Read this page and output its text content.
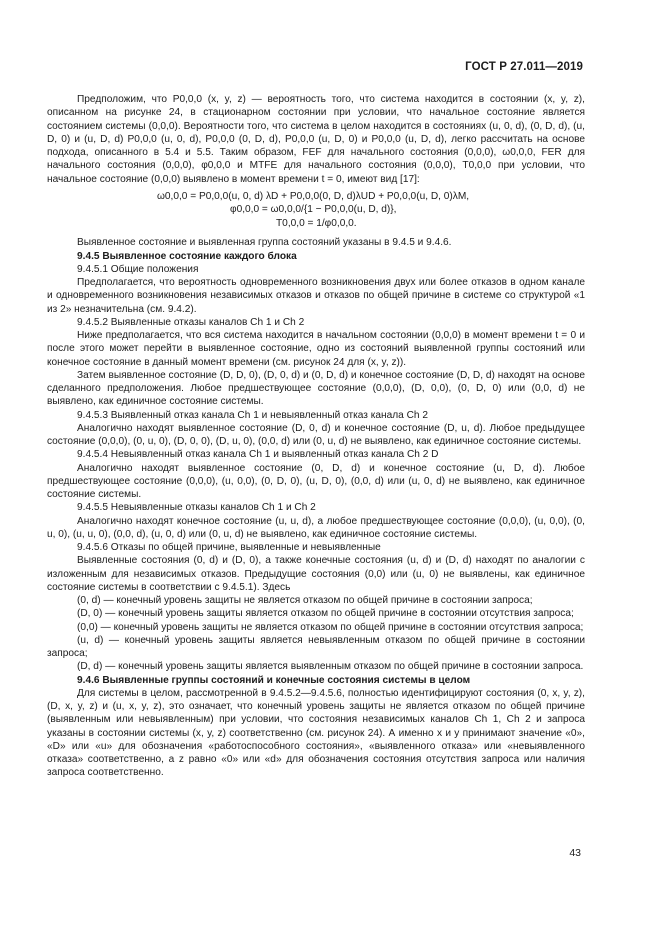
ГОСТ Р 27.011—2019

Предположим, что P0,0,0 (x, y, z) — вероятность того, что система находится в состоянии (x, y, z), описанном на рисунке 24, в стационарном состоянии при условии, что начальное состояние является состоянием системы (0,0,0). Вероятности того, что система в целом находится в состояниях (u, 0, d), (0, D, d), (u, D, 0) и (u, D, d) P0,0,0 (u, 0, d), P0,0,0 (0, D, d), P0,0,0 (u, D, 0) и P0,0,0 (u, D, d), легко рассчитать на основе подхода, описанного в 5.4 и 5.5. Таким образом, FEF для начального состояния (0,0,0), ω0,0,0, FER для начального состояния (0,0,0), φ0,0,0 и MTFE для начального состояния (0,0,0), T0,0,0 при условии, что начальное состояние (0,0,0) выявлено в момент времени t = 0, имеют вид [17]:

ω0,0,0 = P0,0,0(u, 0, d) λD + P0,0,0(0, D, d)λUD + P0,0,0(u, D, 0)λM,
φ0,0,0 = ω0,0,0/{1 − P0,0,0(u, D, d)},
T0,0,0 = 1/φ0,0,0.

Выявленное состояние и выявленная группа состояний указаны в 9.4.5 и 9.4.6.

9.4.5 Выявленное состояние каждого блока

9.4.5.1 Общие положения

Предполагается, что вероятность одновременного возникновения двух или более отказов в одном канале и одновременного возникновения независимых отказов и отказов по общей причине в системе со структурой «1 из 2» незначительна (см. 9.4.2).

9.4.5.2 Выявленные отказы каналов Ch 1 и Ch 2

Ниже предполагается, что вся система находится в начальном состоянии (0,0,0) в момент времени t = 0 и после этого может перейти в выявленное состояние, одно из состояний выявленной группы состояний или конечное состояние в данный момент времени (см. рисунок 24 для (x, y, z)).

Затем выявленное состояние (D, D, 0), (D, 0, d) и (0, D, d) и конечное состояние (D, D, d) находят на основе сделанного предположения. Любое предшествующее состояние (0,0,0), (D, 0,0), (0, D, 0) или (0,0, d) не выявлено, как единичное состояние системы.

9.4.5.3 Выявленный отказ канала Ch 1 и невыявленный отказ канала Ch 2

Аналогично находят выявленное состояние (D, 0, d) и конечное состояние (D, u, d). Любое предыдущее состояние (0,0,0), (0, u, 0), (D, 0, 0), (D, u, 0), (0,0, d) или (0, u, d) не выявлено, как единичное состояние системы.

9.4.5.4 Невыявленный отказ канала Ch 1 и выявленный отказ канала Ch 2 D

Аналогично находят выявленное состояние (0, D, d) и конечное состояние (u, D, d). Любое предшествующее состояние (0,0,0), (u, 0,0), (0, D, 0), (u, D, 0), (0,0, d) или (u, 0, d) не выявлено, как единичное состояние системы.

9.4.5.5 Невыявленные отказы каналов Ch 1 и Ch 2

Аналогично находят конечное состояние (u, u, d), а любое предшествующее состояние (0,0,0), (u, 0,0), (0, u, 0), (u, u, 0), (0,0, d), (u, 0, d) или (0, u, d) не выявлено, как единичное состояние системы.

9.4.5.6 Отказы по общей причине, выявленные и невыявленные

Выявленные состояния (0, d) и (D, 0), а также конечные состояния (u, d) и (D, d) находят по аналогии с изложенным для независимых отказов. Предыдущие состояния (0,0) или (u, 0) не выявлены, как единичное состояние системы в соответствии с 9.4.5.1). Здесь

(0, d) — конечный уровень защиты не является отказом по общей причине в состоянии запроса;

(D, 0) — конечный уровень защиты является отказом по общей причине в состоянии отсутствия запроса;

(0,0) — конечный уровень защиты не является отказом по общей причине в состоянии отсутствия запроса;

(u, d) — конечный уровень защиты является невыявленным отказом по общей причине в состоянии запроса;

(D, d) — конечный уровень защиты является выявленным отказом по общей причине в состоянии запроса.

9.4.6 Выявленные группы состояний и конечные состояния системы в целом

Для системы в целом, рассмотренной в 9.4.5.2—9.4.5.6, полностью идентифицируют состояния (0, x, y, z), (D, x, y, z) и (u, x, y, z), это означает, что конечный уровень защиты не является отказом по общей причине (выявленным или невыявленным) при условии, что состояния независимых каналов Ch 1, Ch 2 и запроса указаны в состоянии системы (x, y, z) соответственно (см. рисунок 24). А именно x и y принимают значение «0», «D» или «u» для обозначения «работоспособного состояния», «выявленного отказа» или «невыявленного отказа» соответственно, а z равно «0» или «d» для обозначения состояния отсутствия запроса или наличия запроса соответственно.

43
